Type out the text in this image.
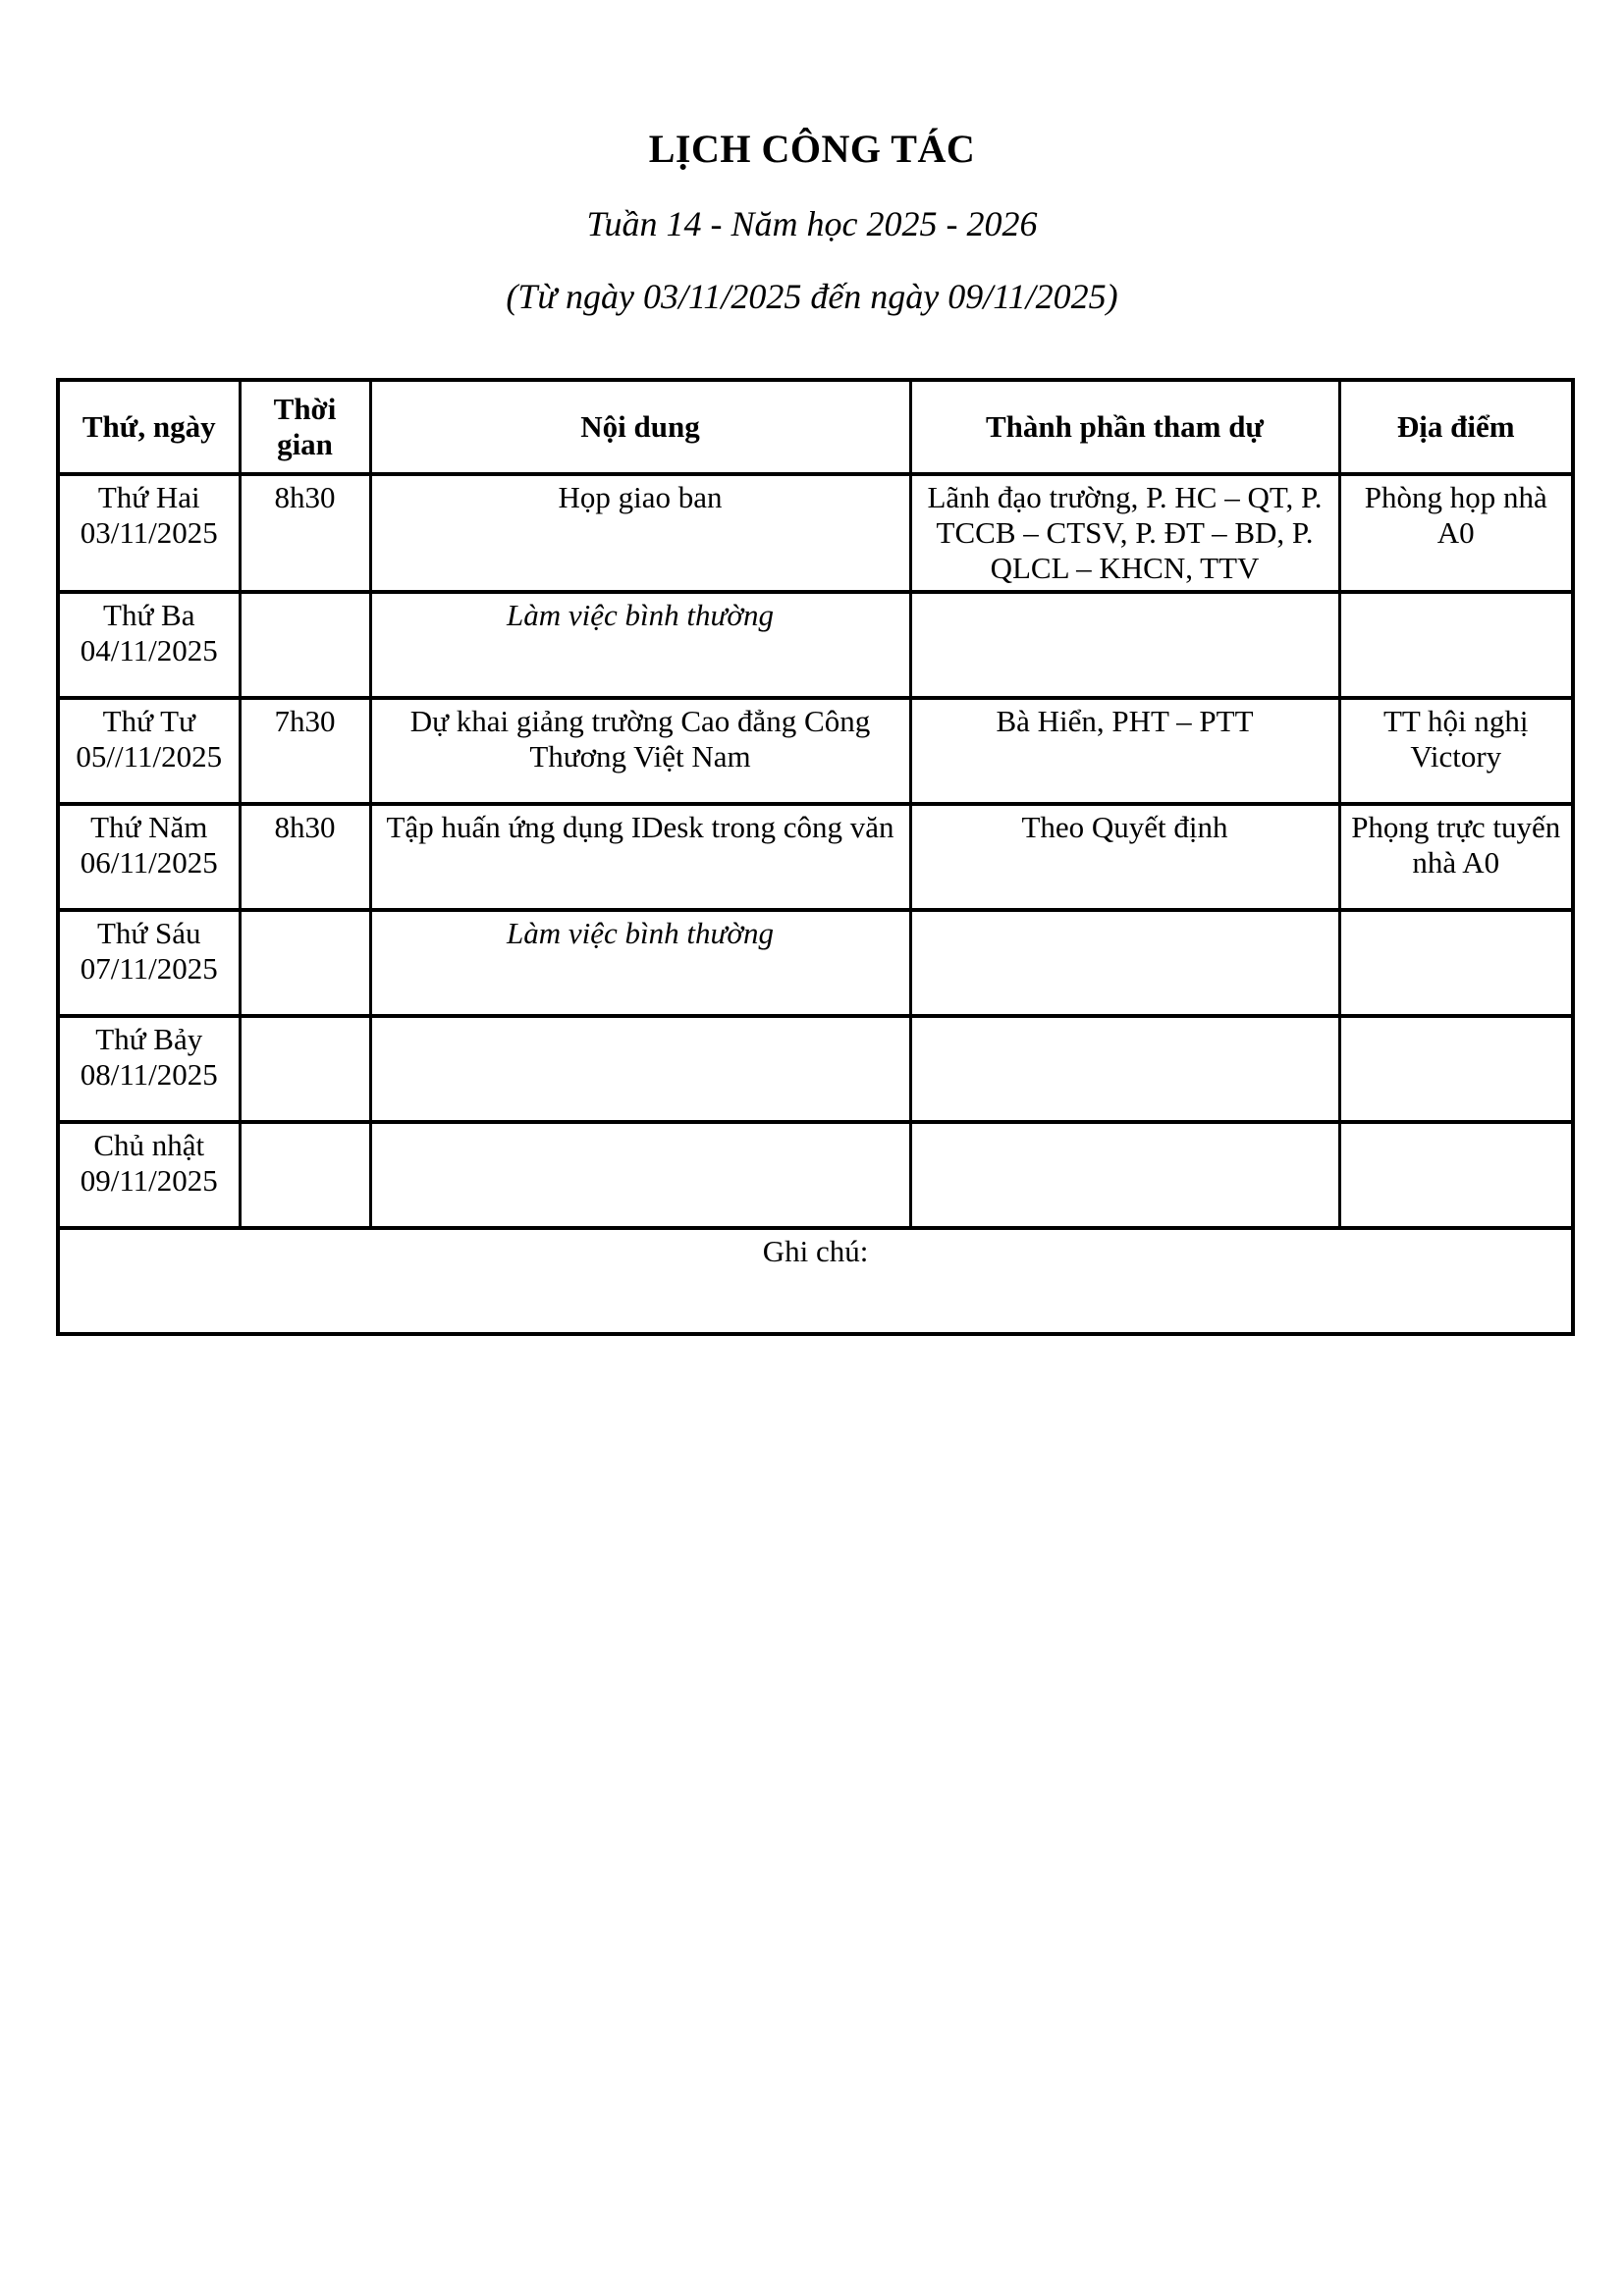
LỊCH CÔNG TÁC

Tuần 14 - Năm học 2025 - 2026

(Từ ngày 03/11/2025 đến ngày 09/11/2025)

Thứ, ngày	Thời gian	Nội dung	Thành phần tham dự	Địa điểm

Thứ Hai
03/11/2025	8h30	Họp giao ban	Lãnh đạo trường, P. HC – QT, P. TCCB – CTSV, P. ĐT – BD, P. QLCL – KHCN, TTV	Phòng họp nhà A0

Thứ Ba
04/11/2025		Làm việc bình thường		

Thứ Tư
05//11/2025	7h30	Dự khai giảng trường Cao đẳng Công Thương Việt Nam	Bà Hiển, PHT – PTT	TT hội nghị Victory

Thứ Năm
06/11/2025	8h30	Tập huấn ứng dụng IDesk trong công văn	Theo Quyết định	Phọng trực tuyến nhà A0

Thứ Sáu
07/11/2025		Làm việc bình thường		

Thứ Bảy
08/11/2025				

Chủ nhật
09/11/2025				

Ghi chú:				
